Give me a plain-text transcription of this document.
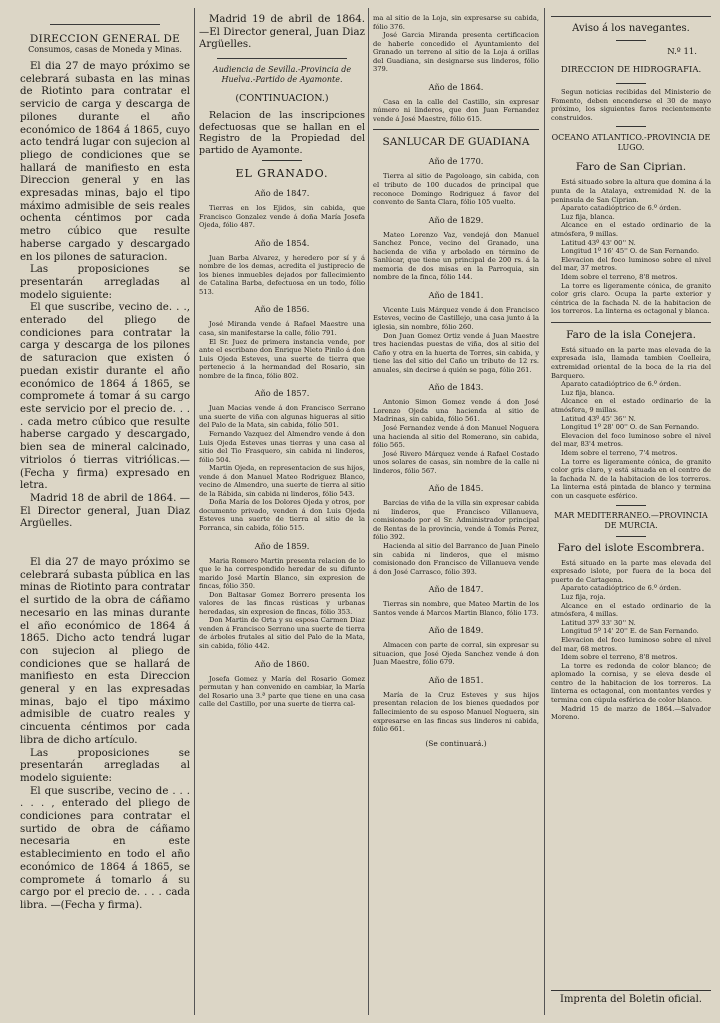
DIRECCION GENERAL DE

Consumos, casas de Moneda y Minas.

El dia 27 de mayo próximo se celebrará subasta en las minas de Riotinto para contratar el servicio de carga y descarga de pilones durante el año económico de 1864 á 1865, cuyo acto tendrá lugar con sujecion al pliego de condiciones que se hallará de manifiesto en esta Direccion general y en las expresadas minas, bajo el tipo máximo admisible de seis reales ochenta céntimos por cada metro cúbico que resulte haberse cargado y descargado en los pilones de saturacion.

Las proposiciones se presentarán arregladas al modelo siguiente:

El que suscribe, vecino de. . ., enterado del pliego de condiciones para contratar la carga y descarga de los pilones de saturacion que existen ó puedan existir durante el año económico de 1864 á 1865, se compromete á tomar á su cargo este servicio por el precio de. . . . cada metro cúbico que resulte haberse cargado y descargado, bien sea de mineral calcinado, vitriolos ó tierras vitriólicas.—(Fecha y firma) expresado en letra.

Madrid 18 de abril de 1864. —El Director general, Juan Diaz Argüelles.

El dia 27 de mayo próximo se celebrará subasta pública en las minas de Riotinto para contratar el surtido de la obra de cáñamo necesario en las minas durante el año económico de 1864 á 1865. Dicho acto tendrá lugar con sujecion al pliego de condiciones que se hallará de manifiesto en esta Direccion general y en las expresadas minas, bajo el tipo máximo admisible de cuatro reales y cincuenta céntimos por cada libra de dicho artículo.

Las proposiciones se presentarán arregladas al modelo siguiente:

El que suscribe, vecino de . . . . . . , enterado del pliego de condiciones para contratar el surtido de obra de cáñamo necesaria en este establecimiento en todo el año económico de 1864 á 1865, se compromete á tomarlo á su cargo por el precio de. . . . cada libra. —(Fecha y firma).

Madrid 19 de abril de 1864. —El Director general, Juan Diaz Argüelles.

Audiencia de Sevilla.-Provincia de Huelva.-Partido de Ayamonte.

(CONTINUACION.)

Relacion de las inscripciones defectuosas que se hallan en el Registro de la Propiedad del partido de Ayamonte.

EL GRANADO.

Año de 1847.

Tierras en los Ejidos, sin cabida, que Francisco Gonzalez vende á doña María Josefa Ojeda, fólio 487.

Año de 1854.

Juan Barba Alvarez, y heredero por sí y á nombre de los demas, acredita el justiprecio de los bienes inmuebles dejados por fallecimiento de Catalina Barba, defectuosa en un todo, fólio 513.

Año de 1856.

José Miranda vende á Rafael Maestre una casa, sin manifestarse la calle, fólio 791.

El Sr. Juez de primera instancia vende, por ante el escribano don Enrique Nieto Pinilo á don Luis Ojeda Esteves, una suerte de tierra que pertenecio á la hermandad del Rosario, sin nombre de la finca, fólio 802.

Año de 1857.

Juan Macias vende á don Francisco Serrano una suerte de viña con algunas higueras al sitio del Palo de la Mata, sin cabida, fólio 501.

Fernando Vazquez del Almendro vende á don Luis Ojeda Esteves unas tierras y una casa al sitio del Tio Frasquero, sin cabida ni linderos, fólio 504.

Martin Ojeda, en representacion de sus hijos, vende á don Manuel Mateo Rodriguez Blanco, vecino de Almendro, una suerte de tierra al sitio de la Rábida, sin cabida ni linderos, fólio 543.

Doña María de los Dolores Ojeda y otros, por documento privado, venden á don Luis Ojeda Esteves una suerte de tierra al sitio de la Porranca, sin cabida, fólio 515.

Año de 1859.

Maria Romero Martin presenta relacion de lo que le ha correspondido heredar de su difunto marido José Martín Blanco, sin expresion de fincas, fólio 350.

Don Baltasar Gomez Borrero presenta los valores de las fincas rústicas y urbanas heredadas, sin expresion de fincas, fólio 353.

Don Martin de Orta y su esposa Carmen Diaz venden á Francisco Serrano una suerte de tierra de árboles frutales al sitio del Palo de la Mata, sin cabida, fólio 442.

Año de 1860.

Josefa Gomez y María del Rosario Gomez permutan y han convenido en cambiar, la María del Rosario una 3.ª parte que tiene en una casa calle del Castillo, por una suerte de tierra cal-

ma al sitio de la Loja, sin expresarse su cabida, fólio 376.

José Garcia Miranda presenta certificacion de haberle concedido el Ayuntamiento del Granado un terreno al sitio de la Loja á orillas del Guadiana, sin designarse sus linderos, fólio 379.

Año de 1864.

Casa en la calle del Castillo, sin expresar número ni linderos, que don Juan Fernandez vende á José Maestre, fólio 615.

SANLUCAR DE GUADIANA

Año de 1770.

Tierra al sitio de Pagoloago, sin cabida, con el tributo de 100 ducados de principal que reconoce Domingo Rodriguez á favor del convento de Santa Clara, fólio 105 vuelto.

Año de 1829.

Mateo Lorenzo Vaz, vendejá don Manuel Sanchez Ponce, vecino del Granado, una hacienda de viña y arbolado en término de Sanlúcar, que tiene un principal de 200 rs. á la memoria de dos misas en la Parroquia, sin nombre de la finca, fólio 144.

Año de 1841.

Vicente Luis Márquez vende á don Francisco Esteves, vecino de Castillejo, una casa junto á la iglesia, sin nombre, fólio 260.

Don Juan Gomez Ortiz vende á Juan Maestre tres haciendas puestas de viña, dos al sitio del Caño y otra en la huerta de Torres, sin cabida, y tiene las del sitio del Caño un tributo de 12 rs. anuales, sin decirse á quién se paga, fólio 261.

Año de 1843.

Antonio Simon Gomez vende á don José Lorenzo Ojeda una hacienda al sitio de Madrinas, sin cabida, fólio 561.

José Fernandez vende á don Manuel Noguera una hacienda al sitio del Romerano, sin cabida, fólio 565.

José Rivero Márquez vende á Rafael Costado unos solares de casas, sin nombre de la calle ni linderos, fólio 567.

Año de 1845.

Barcias de viña de la villa sin expresar cabida ni linderos, que Francisco Villanueva, comisionado por el Sr. Administrador principal de Rentas de la provincia, vende á Tomás Perez, fólio 392.

Hacienda al sitio del Barranco de Juan Pinelo sin cabida ni linderos, que el mismo comisionado don Francisco de Villanueva vende á don José Carrasco, fólio 393.

Año de 1847.

Tierras sin nombre, que Mateo Martin de los Santos vende á Marcos Martin Blanco, fólio 173.

Año de 1849.

Almacen con parte de corral, sin expresar su situacion, que José Ojeda Sanchez vende á don Juan Maestre, fólio 679.

Año de 1851.

María de la Cruz Esteves y sus hijos presentan relacion de los bienes quedados por fallecimiento de su esposo Manuel Noguera, sin expresarse en las fincas sus linderos ni cabida, fólio 661.

(Se continuará.)

Aviso á los navegantes.

N.º 11.

DIRECCION DE HIDROGRAFIA.

Segun noticias recibidas del Ministerio de Fomento, deben encenderse el 30 de mayo próximo, los siguientes faros recientemente construidos.

OCEANO ATLANTICO.-PROVINCIA DE LUGO.

Faro de San Ciprian.

Está situado sobre la altura que domina á la punta de la Atalaya, extremidad N. de la peninsula de San Ciprian.

Aparato catadióptrico de 6.º órden.

Luz fija, blanca.

Alcance en el estado ordinario de la atmósfera, 9 millas.

Latitud 43º 43' 00'' N.

Longitud 1º 16' 45'' O. de San Fernando.

Elevacion del foco luminoso sobre el nivel del mar, 37 metros.

Idem sobre el terreno, 8'8 metros.

La torre es ligeramente cónica, de granito color gris claro. Ocupa la parte exterior y céntrica de la fachada N. de la habitacion de los torreros. La linterna es octagonal y blanca.

Faro de la isla Conejera.

Está situado en la parte mas elevada de la expresada isla, llamada tambien Coelleira, extremidad oriental de la boca de la ria del Barquero.

Aparato catadióptrico de 6.º órden.

Luz fija, blanca.

Alcance en el estado ordinario de la atmósfera, 9 millas.

Latitud 43º 45' 36'' N.

Longitud 1º 28' 00'' O. de San Fernando.

Elevacion del foco luminoso sobre el nivel del mar, 83'4 metros.

Idem sobre el terreno, 7'4 metros.

La torre es ligeramente cónica, de granito color gris claro, y está situada en el centro de la fachada N. de la habitacion de los torreros. La linterna está pintada de blanco y termina con un casquete esférico.

MAR MEDITERRANEO.—PROVINCIA DE MURCIA.

Faro del islote Escombrera.

Está situado en la parte mas elevada del expresado islote, por fuera de la boca del puerto de Cartagena.

Aparato catadióptrico de 6.º órden.

Luz fija, roja.

Alcance en el estado ordinario de la atmósfera, 4 millas.

Latitud 37º 33' 30'' N.

Longitud 5º 14' 20'' E. de San Fernando.

Elevacion del foco luminoso sobre el nivel del mar, 68 metros.

Idem sobre el terreno, 8'8 metros.

La torre es redonda de color blanco; de aplomado la cornisa, y se eleva desde el centro de la habitacion de los torreros. La linterna es octagonal, con montantes verdes y termina con cúpula esférica de color blanco.

Madrid 15 de marzo de 1864.—Salvador Moreno.

Imprenta del Boletin oficial.
